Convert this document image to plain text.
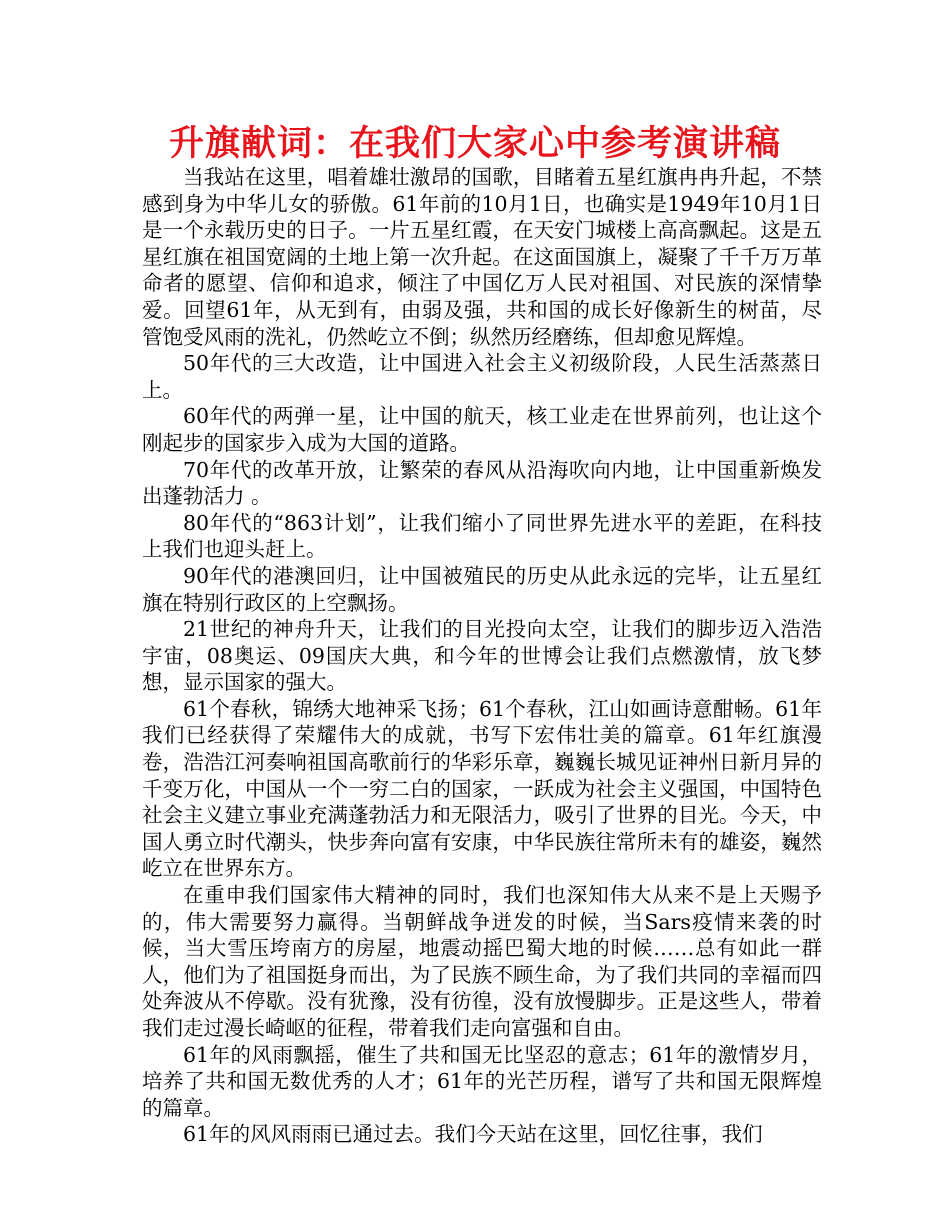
升旗献词：在我们大家心中参考演讲稿

当我站在这里，唱着雄壮激昂的国歌，目睹着五星红旗冉冉升起，不禁感到身为中华儿女的骄傲。61年前的10月1日，也确实是1949年10月1日是一个永载历史的日子。一片五星红霞，在天安门城楼上高高飘起。这是五星红旗在祖国宽阔的土地上第一次升起。在这面国旗上，凝聚了千千万万革命者的愿望、信仰和追求，倾注了中国亿万人民对祖国、对民族的深情挚爱。回望61年，从无到有，由弱及强，共和国的成长好像新生的树苗，尽管饱受风雨的洗礼，仍然屹立不倒；纵然历经磨练，但却愈见辉煌。

50年代的三大改造，让中国进入社会主义初级阶段，人民生活蒸蒸日上。

60年代的两弹一星，让中国的航天，核工业走在世界前列，也让这个刚起步的国家步入成为大国的道路。

70年代的改革开放，让繁荣的春风从沿海吹向内地，让中国重新焕发出蓬勃活力 。

80年代的“863计划”，让我们缩小了同世界先进水平的差距，在科技上我们也迎头赶上。

90年代的港澳回归，让中国被殖民的历史从此永远的完毕，让五星红旗在特别行政区的上空飘扬。

21世纪的神舟升天，让我们的目光投向太空，让我们的脚步迈入浩浩宇宙，08奥运、09国庆大典，和今年的世博会让我们点燃激情，放飞梦想，显示国家的强大。

61个春秋，锦绣大地神采飞扬；61个春秋，江山如画诗意酣畅。61年我们已经获得了荣耀伟大的成就，书写下宏伟壮美的篇章。61年红旗漫卷，浩浩江河奏响祖国高歌前行的华彩乐章，巍巍长城见证神州日新月异的千变万化，中国从一个一穷二白的国家，一跃成为社会主义强国，中国特色社会主义建立事业充满蓬勃活力和无限活力，吸引了世界的目光。今天，中国人勇立时代潮头，快步奔向富有安康，中华民族往常所未有的雄姿，巍然屹立在世界东方。

在重申我们国家伟大精神的同时，我们也深知伟大从来不是上天赐予的，伟大需要努力赢得。当朝鲜战争迸发的时候，当Sars疫情来袭的时候，当大雪压垮南方的房屋，地震动摇巴蜀大地的时候……总有如此一群人，他们为了祖国挺身而出，为了民族不顾生命，为了我们共同的幸福而四处奔波从不停歇。没有犹豫，没有彷徨，没有放慢脚步。正是这些人，带着我们走过漫长崎岖的征程，带着我们走向富强和自由。

61年的风雨飘摇，催生了共和国无比坚忍的意志；61年的激情岁月，培养了共和国无数优秀的人才；61年的光芒历程，谱写了共和国无限辉煌的篇章。

61年的风风雨雨已通过去。我们今天站在这里，回忆往事，我们
